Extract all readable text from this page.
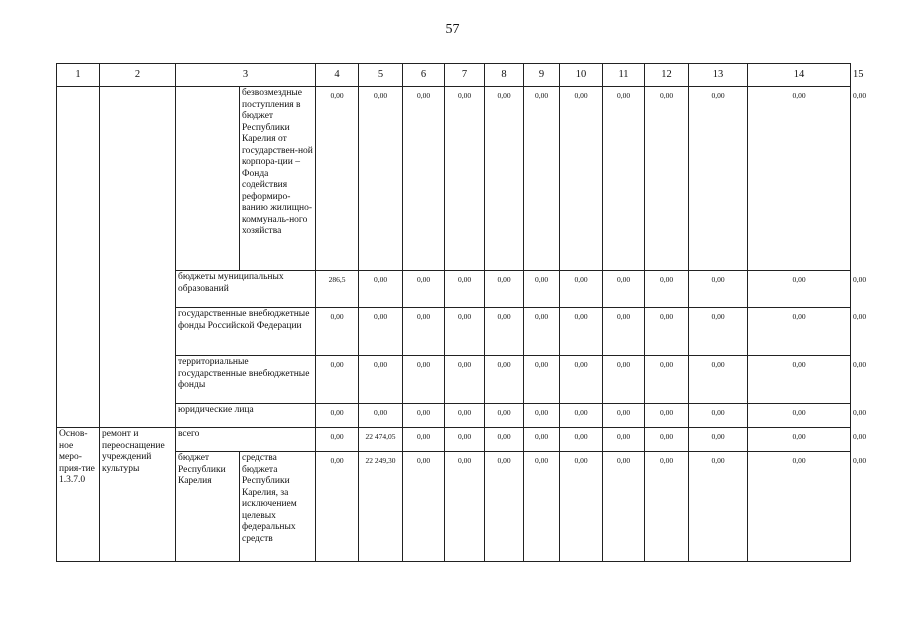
57
1	2	3		4	5	6	7	8	9	10	11	12	13	14	15
			безвозмездные поступления в бюджет Республики Карелия от государствен-ной корпора-ции – Фонда содействия реформиро-ванию жилищно-коммуналь-ного хозяйства	0,00	0,00	0,00	0,00	0,00	0,00	0,00	0,00	0,00	0,00	0,00	0,00
		бюджеты муниципальных образований		286,5	0,00	0,00	0,00	0,00	0,00	0,00	0,00	0,00	0,00	0,00	0,00
		государственные внебюджетные фонды Российской Федерации		0,00	0,00	0,00	0,00	0,00	0,00	0,00	0,00	0,00	0,00	0,00	0,00
		территориальные государственные внебюджетные фонды		0,00	0,00	0,00	0,00	0,00	0,00	0,00	0,00	0,00	0,00	0,00	0,00
		юридические лица		0,00	0,00	0,00	0,00	0,00	0,00	0,00	0,00	0,00	0,00	0,00	0,00

Основ-ное меро-прия-тие 1.3.7.0	ремонт и переоснащение учреждений культуры	всего		0,00	22 474,05	0,00	0,00	0,00	0,00	0,00	0,00	0,00	0,00	0,00	0,00
		бюджет Республики Карелия	средства бюджета Республики Карелия, за исключением целевых федеральных средств	0,00	22 249,30	0,00	0,00	0,00	0,00	0,00	0,00	0,00	0,00	0,00	0,00
